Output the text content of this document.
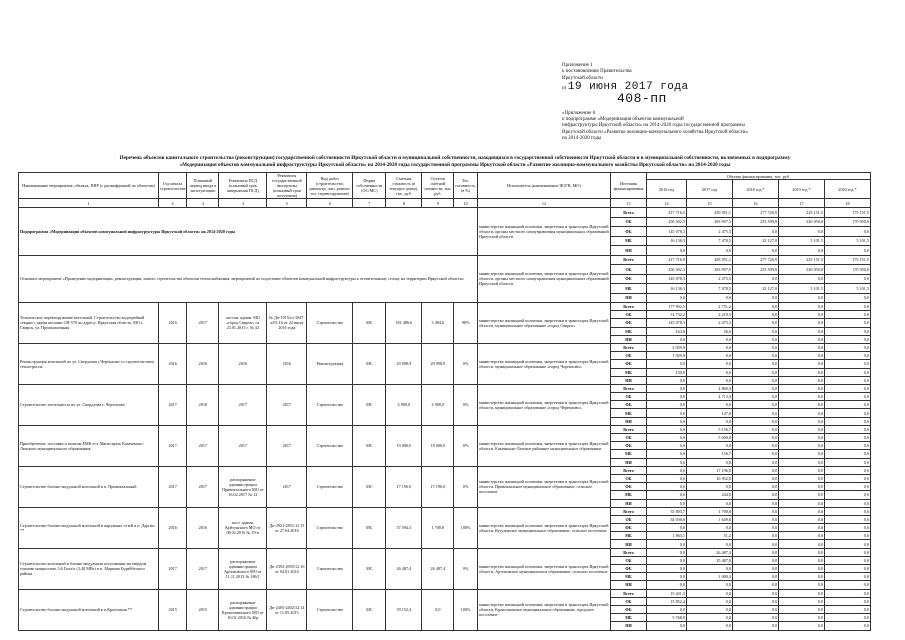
Приложение 1
к постановлению Правительства
Иркутской области
от 19 июня 2017 года
408-пп
«Приложение 6
к подпрограмме «Модернизация объектов коммунальной
инфраструктуры Иркутской области» на 2014-2020 годы государственной программы
Иркутской области «Развитие жилищно-коммунального хозяйства Иркутской области»
на 2014-2020 годы
Перечень объектов капитального строительства (реконструкции) государственной собственности Иркутской области и муниципальной собственности, находящихся в государственной собственности Иркутской области и в муниципальной собственности, включенных в подпрограмму
«Модернизация объектов коммунальной инфраструктуры Иркутской области» на 2014-2020 годы государственной программы Иркутской области «Развитие жилищно-коммунального хозяйства Иркутской области» на 2014-2020 годы
Наименование мероприятия, объекта, ПИР (с расшифровкой по объектам)	Год начала строительства	Плановый период ввода в эксплуатацию	Реквизиты ПСД (плановый срок завершения ПСД)	Реквизиты государственной экспертизы (плановый срок получения)	Вид работ (строительство, реконстр., кап. ремонт, тех. перевооружение)	Форма собственности (ОС/МС)	Сметная стоимость (в текущих ценах), тыс. руб.	Остаток сметной стоимости, тыс. руб.	Тех. готовность, (в %)	Исполнитель (наименование ИОГВ, МО)	Источник финансирования	Объемы финансирования, тыс. руб.				
												2016 год	2017 год	2018 год *	2019 год *	2020 год *
1	2	3	4	5	6	7	8	9	10	12	13	14	15	16	17	18
Подпрограмма «Модернизация объектов коммунальной инфраструктуры Иркутской области» на 2014-2020 годы										министерство жилищной политики, энергетики и транспорта Иркутской области, органы местного самоуправления муниципальных образований Иркутской области	Всего	417 716,5	250 951,1	277 726,9	225 151,5	175 151,5
											ОБ	256 502,3	283 997,5	255 599,9	220 050,0	170 050,0
											ФБ	145 078,3	2 475,3	0,0	0,0	0,0
											МБ	16 136,3	7 478,5	22 127,0	5 101,5	5 101,5
											НИ	0,0	0,0	0,0	0,0	0,0
Основное мероприятие «Проведение модернизации, реконструкции, нового строительства объектов теплоснабжения, мероприятий по подготовке объектов коммунальной инфраструктуры к отопительному сезону на территории Иркутской области»										министерство жилищной политики, энергетики и транспорта Иркутской области, органы местного самоуправления муниципальных образований Иркутской области	Всего	417 716,9	283 951,1	277 726,9	225 151,5	175 151,5
											ОБ	256 502,3	283 997,5	255 599,9	220 050,0	170 050,0
											ФБ	145 078,3	2 475,3	0,0	0,0	0,0
											МБ	16 136,3	7 478,5	22 127,0	5 101,5	5 101,5
											НИ	0,0	0,0	0,0	0,0	0,0
Техническое перевооружение котельной. Строительство водогрейной секции с двумя котлами СН-570 по адресу: Иркутская область, МО г. Свирск, ул. Промышленная	2016	2017	постан. админ. МО «город Свирск» от 23.01.2015 г. № 32	№ Дп-1915/гл-1047-а/01.16 от 22 июля 2016 года	Строительство	МС	181 486,6	3 494,6	98%	министерство жилищной политики, энергетики и транспорта Иркутской области, муниципальное образование «город Свирск»	Всего	177 992,5	2 751,2	0,0	0,0	0,0
											ОБ	31 732,2	2 219,3	0,0	0,0	0,0
											ФБ	145 078,3	2 475,3	0,0	0,0	0,0
											МБ	163,0	56,6	0,0	0,0	0,0
											НИ	0,0	0,0	0,0	0,0	0,0
Реконструкция котельной по ул. Свердлова г.Черемхово со строительством теплотрассы	2016	2016	2016	2016	Реконструкция	МС	29 098,9	29 098,9	0%	министерство жилищной политики, энергетики и транспорта Иркутской области, муниципальное образование «город Черемхово»	Всего	2 059,9	0,0	0,0	0,0	0,0
											ОБ	1 929,9	0,0	0,0	0,0	0,0
											ФБ	0,0	0,0	0,0	0,0	0,0
											МБ	130,0	0,0	0,0	0,0	0,0
											НИ	0,0	0,0	0,0	0,0	0,0
Строительство теплотрассы по ул. Свердлова г. Черемхово	2017	2018	2017	2017	Строительство	МС	4 900,0	4 900,0	0%	министерство жилищной политики, энергетики и транспорта Иркутской области, муниципальное образование «город Черемхово»	Всего	0,0	4 860,4	0,0	0,0	0,0
											ОБ	0,0	4 713,4	0,0	0,0	0,0
											ФБ	0,0	0,0	0,0	0,0	0,0
											МБ	0,0	147,0	0,0	0,0	0,0
											НИ	0,0	0,0	0,0	0,0	0,0
Приобретение, поставка и монтаж БМК в п. Магистраль Казачинско-Ленского муниципального образования	2017	2017	2017	2017	Строительство	МС	19 000,0	19 000,0	0%	министерство жилищной политики, энергетики и транспорта Иркутской области, Казачинско-Ленское районное муниципальное образование	Всего	0,0	5 156,7	0,0	0,0	0,0
											ОБ	0,0	5 000,0	0,0	0,0	0,0
											ФБ	0,0	0,0	0,0	0,0	0,0
											МБ	0,0	156,7	0,0	0,0	0,0
											НИ	0,0	0,0	0,0	0,0	0,0
Строительство блочно-модульной котельной в п. Привокзальный	2017	2017	распоряжение администрации Привокзального МО от 16.02.2017 № 12	2017	Строительство	МС	17 196,0	17 196,0	0%	министерство жилищной политики, энергетики и транспорта Иркутской области, Привокзальное муниципальное образование, сельское поселение	Всего	0,0	17 196,0	0,0	0,0	0,0
											ОБ	0,0	16 952,0	0,0	0,0	0,0
											ФБ	0,0	0,0	0,0	0,0	0,0
											МБ	0,0	244,0	0,0	0,0	0,0
											НИ	0,0	0,0	0,0	0,0	0,0
Строительство блочно-модульной котельной и наружных сетей в п. Даргин **	2016	2016	пост. админ. Куйтунского МО от 08.02.2016 № 19-п	Дп-2921-2851/11.15 от 27.04.2016	Строительство	МС	37 594,5	1 700,8	100%	министерство жилищной политики, энергетики и транспорта Иркутской области, Кутуликское муниципальное образование, сельское поселение	Всего	35 893,7	1 700,8	0,0	0,0	0,0
											ОБ	34 030,6	1 649,6	0,0	0,0	0,0
											ФБ	0,0	0,0	0,0	0,0	0,0
											МБ	1 863,1	51,2	0,0	0,0	0,0
											НИ	0,0	0,0	0,0	0,0	0,0
Строительство котельной в блочно-модульном исполнении на твердом топливе мощностью 3,6 Гкал/ч (3,48 МВт) в п. Маркова Будийбеского района	2017	2017	распоряжение администрации Артемовского МО от 11.11.2015 № 186/1	Дп-2393-2995/12.16 от 04.01.2016	Строительство	МС	26 487,4	26 487,4	0%	министерство жилищной политики, энергетики и транспорта Иркутской области, Артемовское муниципальное образование, сельское поселение	Всего	0,0	26 487,4	0,0	0,0	0,0
											ОБ	0,0	25 487,0	0,0	0,0	0,0
											ФБ	0,0	0,0	0,0	0,0	0,0
											МБ	0,0	1 000,4	0,0	0,0	0,0
											НИ	0,0	0,0	0,0	0,0	0,0
Строительство блочно-модульной котельной в п.Кропоткин **	2015	2015	распоряжение администрации Кропоткинского МО от 10.02.2016 № 46р	Дп-2405-2402/12.14 от 11.05.2015	Строительство	МС	39 152,4	0,0	100%	министерство жилищной политики, энергетики и транспорта Иркутской области, Кропоткинское муниципальное образование, городское поселение	Всего	15 421,3	0,0	0,0	0,0	0,0
											ОБ	15 852,4	0,0	0,0	0,0	0,0
											ФБ	0,0	0,0	0,0	0,0	0,0
											МБ	5 768,9	0,0	0,0	0,0	0,0
											НИ	0,0	0,0	0,0	0,0	0,0
